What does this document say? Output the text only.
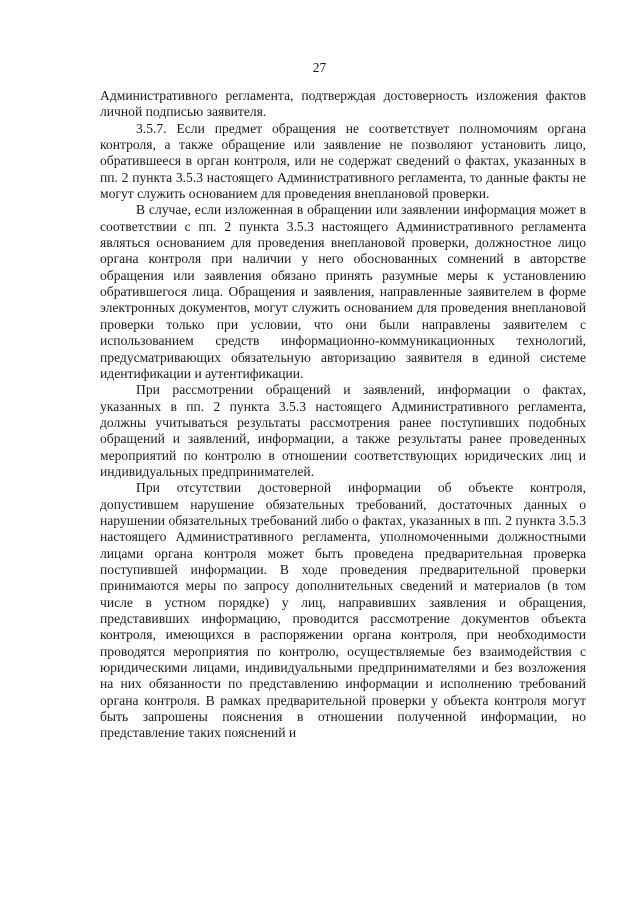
27

Административного регламента, подтверждая достоверность изложения фактов личной подписью заявителя.

3.5.7. Если предмет обращения не соответствует полномочиям органа контроля, а также обращение или заявление не позволяют установить лицо, обратившееся в орган контроля, или не содержат сведений о фактах, указанных в пп. 2 пункта 3.5.3 настоящего Административного регламента, то данные факты не могут служить основанием для проведения внеплановой проверки.

В случае, если изложенная в обращении или заявлении информация может в соответствии с пп. 2 пункта 3.5.3 настоящего Административного регламента являться основанием для проведения внеплановой проверки, должностное лицо органа контроля при наличии у него обоснованных сомнений в авторстве обращения или заявления обязано принять разумные меры к установлению обратившегося лица. Обращения и заявления, направленные заявителем в форме электронных документов, могут служить основанием для проведения внеплановой проверки только при условии, что они были направлены заявителем с использованием средств информационно-коммуникационных технологий, предусматривающих обязательную авторизацию заявителя в единой системе идентификации и аутентификации.

При рассмотрении обращений и заявлений, информации о фактах, указанных в пп. 2 пункта 3.5.3 настоящего Административного регламента, должны учитываться результаты рассмотрения ранее поступивших подобных обращений и заявлений, информации, а также результаты ранее проведенных мероприятий по контролю в отношении соответствующих юридических лиц и индивидуальных предпринимателей.

При отсутствии достоверной информации об объекте контроля, допустившем нарушение обязательных требований, достаточных данных о нарушении обязательных требований либо о фактах, указанных в пп. 2 пункта 3.5.3 настоящего Административного регламента, уполномоченными должностными лицами органа контроля может быть проведена предварительная проверка поступившей информации. В ходе проведения предварительной проверки принимаются меры по запросу дополнительных сведений и материалов (в том числе в устном порядке) у лиц, направивших заявления и обращения, представивших информацию, проводится рассмотрение документов объекта контроля, имеющихся в распоряжении органа контроля, при необходимости проводятся мероприятия по контролю, осуществляемые без взаимодействия с юридическими лицами, индивидуальными предпринимателями и без возложения на них обязанности по представлению информации и исполнению требований органа контроля. В рамках предварительной проверки у объекта контроля могут быть запрошены пояснения в отношении полученной информации, но представление таких пояснений и
